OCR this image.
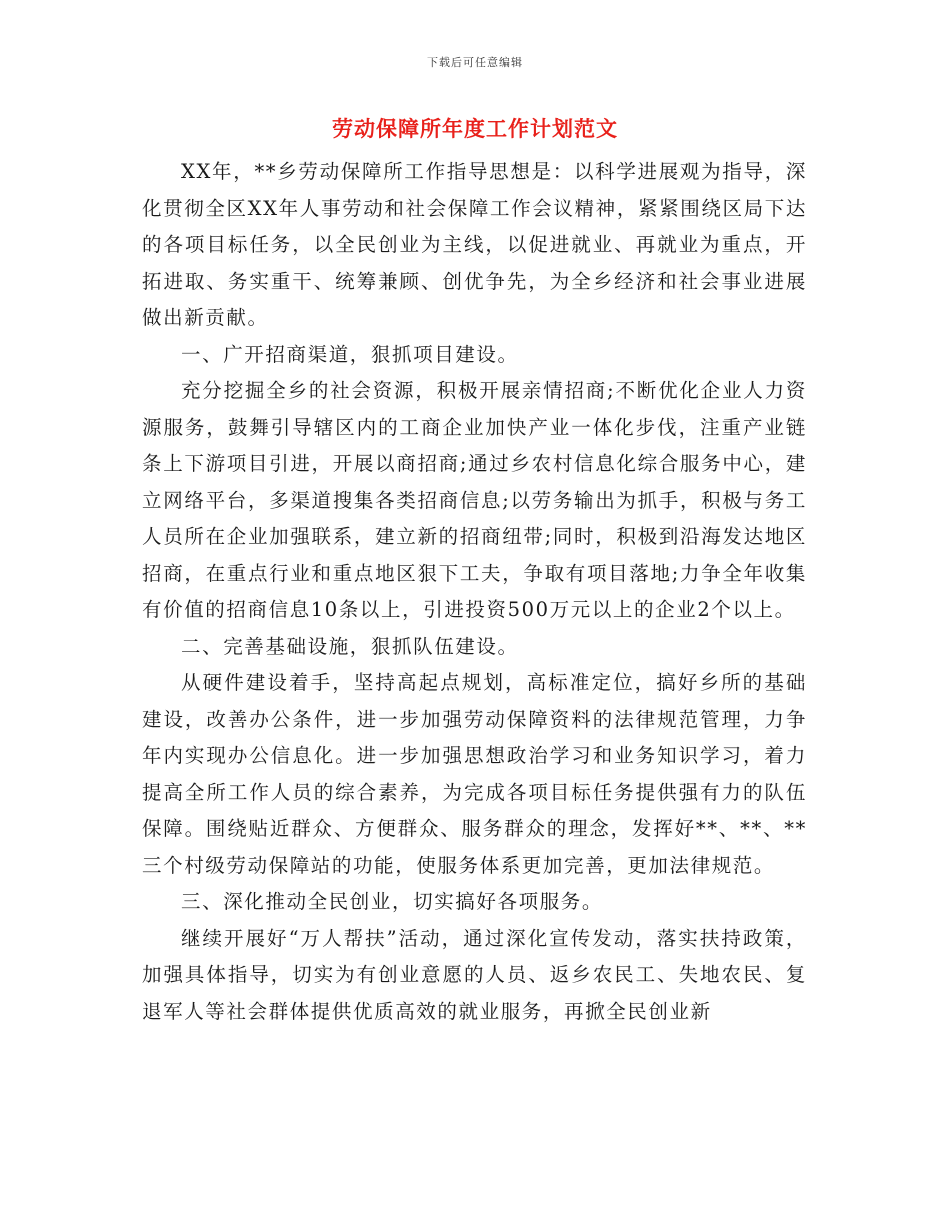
下载后可任意编辑
劳动保障所年度工作计划范文

XX年，**乡劳动保障所工作指导思想是：以科学进展观为指导，深化贯彻全区XX年人事劳动和社会保障工作会议精神，紧紧围绕区局下达的各项目标任务，以全民创业为主线，以促进就业、再就业为重点，开拓进取、务实重干、统筹兼顾、创优争先，为全乡经济和社会事业进展做出新贡献。

一、广开招商渠道，狠抓项目建设。

充分挖掘全乡的社会资源，积极开展亲情招商;不断优化企业人力资源服务，鼓舞引导辖区内的工商企业加快产业一体化步伐，注重产业链条上下游项目引进，开展以商招商;通过乡农村信息化综合服务中心，建立网络平台，多渠道搜集各类招商信息;以劳务输出为抓手，积极与务工人员所在企业加强联系，建立新的招商纽带;同时，积极到沿海发达地区招商，在重点行业和重点地区狠下工夫，争取有项目落地;力争全年收集有价值的招商信息10条以上，引进投资500万元以上的企业2个以上。

二、完善基础设施，狠抓队伍建设。

从硬件建设着手，坚持高起点规划，高标准定位，搞好乡所的基础建设，改善办公条件，进一步加强劳动保障资料的法律规范管理，力争年内实现办公信息化。进一步加强思想政治学习和业务知识学习，着力提高全所工作人员的综合素养，为完成各项目标任务提供强有力的队伍保障。围绕贴近群众、方便群众、服务群众的理念，发挥好**、**、**三个村级劳动保障站的功能，使服务体系更加完善，更加法律规范。

三、深化推动全民创业，切实搞好各项服务。

继续开展好“万人帮扶”活动，通过深化宣传发动，落实扶持政策，加强具体指导，切实为有创业意愿的人员、返乡农民工、失地农民、复退军人等社会群体提供优质高效的就业服务，再掀全民创业新
